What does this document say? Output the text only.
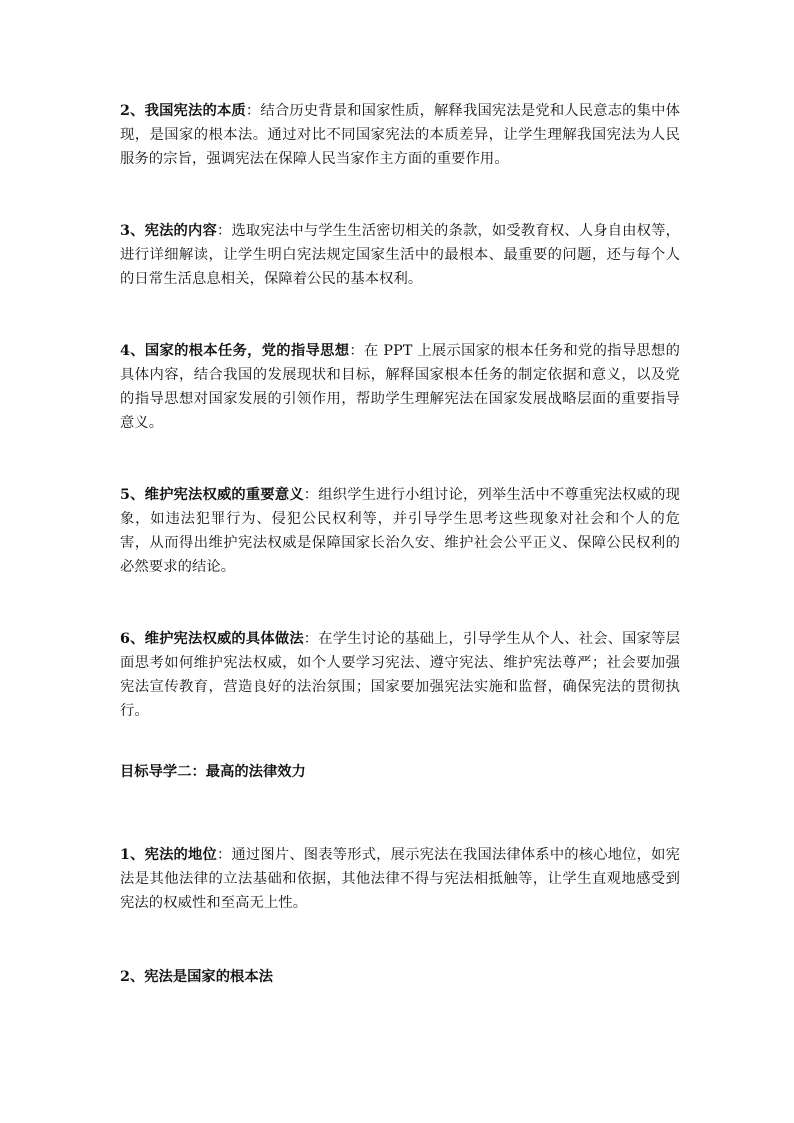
2、我国宪法的本质：结合历史背景和国家性质，解释我国宪法是党和人民意志的集中体现，是国家的根本法。通过对比不同国家宪法的本质差异，让学生理解我国宪法为人民服务的宗旨，强调宪法在保障人民当家作主方面的重要作用。

3、宪法的内容：选取宪法中与学生生活密切相关的条款，如受教育权、人身自由权等，进行详细解读，让学生明白宪法规定国家生活中的最根本、最重要的问题，还与每个人的日常生活息息相关，保障着公民的基本权利。

4、国家的根本任务，党的指导思想：在 PPT 上展示国家的根本任务和党的指导思想的具体内容，结合我国的发展现状和目标，解释国家根本任务的制定依据和意义，以及党的指导思想对国家发展的引领作用，帮助学生理解宪法在国家发展战略层面的重要指导意义。

5、维护宪法权威的重要意义：组织学生进行小组讨论，列举生活中不尊重宪法权威的现象，如违法犯罪行为、侵犯公民权利等，并引导学生思考这些现象对社会和个人的危害，从而得出维护宪法权威是保障国家长治久安、维护社会公平正义、保障公民权利的必然要求的结论。

6、维护宪法权威的具体做法：在学生讨论的基础上，引导学生从个人、社会、国家等层面思考如何维护宪法权威，如个人要学习宪法、遵守宪法、维护宪法尊严；社会要加强宪法宣传教育，营造良好的法治氛围；国家要加强宪法实施和监督，确保宪法的贯彻执行。

目标导学二：最高的法律效力

1、宪法的地位：通过图片、图表等形式，展示宪法在我国法律体系中的核心地位，如宪法是其他法律的立法基础和依据，其他法律不得与宪法相抵触等，让学生直观地感受到宪法的权威性和至高无上性。

2、宪法是国家的根本法
